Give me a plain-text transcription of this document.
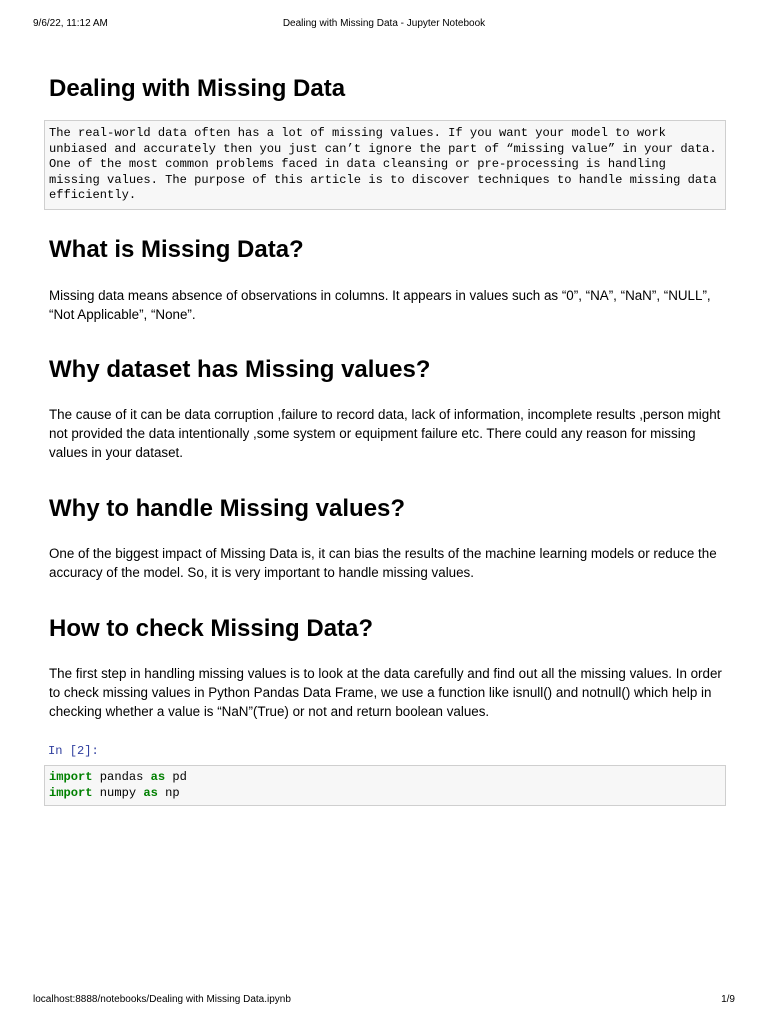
9/6/22, 11:12 AM	Dealing with Missing Data - Jupyter Notebook
Dealing with Missing Data
The real-world data often has a lot of missing values. If you want your model to work unbiased and accurately then you just can’t ignore the part of “missing value” in your data. One of the most common problems faced in data cleansing or pre-processing is handling missing values. The purpose of this article is to discover techniques to handle missing data efficiently.
What is Missing Data?

Missing data means absence of observations in columns. It appears in values such as “0”, “NA”, “NaN”, “NULL”, “Not Applicable”, “None”.

Why dataset has Missing values?

The cause of it can be data corruption ,failure to record data, lack of information, incomplete results ,person might not provided the data intentionally ,some system or equipment failure etc. There could any reason for missing values in your dataset.

Why to handle Missing values?

One of the biggest impact of Missing Data is, it can bias the results of the machine learning models or reduce the accuracy of the model. So, it is very important to handle missing values.

How to check Missing Data?

The first step in handling missing values is to look at the data carefully and find out all the missing values. In order to check missing values in Python Pandas Data Frame, we use a function like isnull() and notnull() which help in checking whether a value is “NaN”(True) or not and return boolean values.

In [2]:
import pandas as pd
import numpy as np
localhost:8888/notebooks/Dealing with Missing Data.ipynb	1/9
